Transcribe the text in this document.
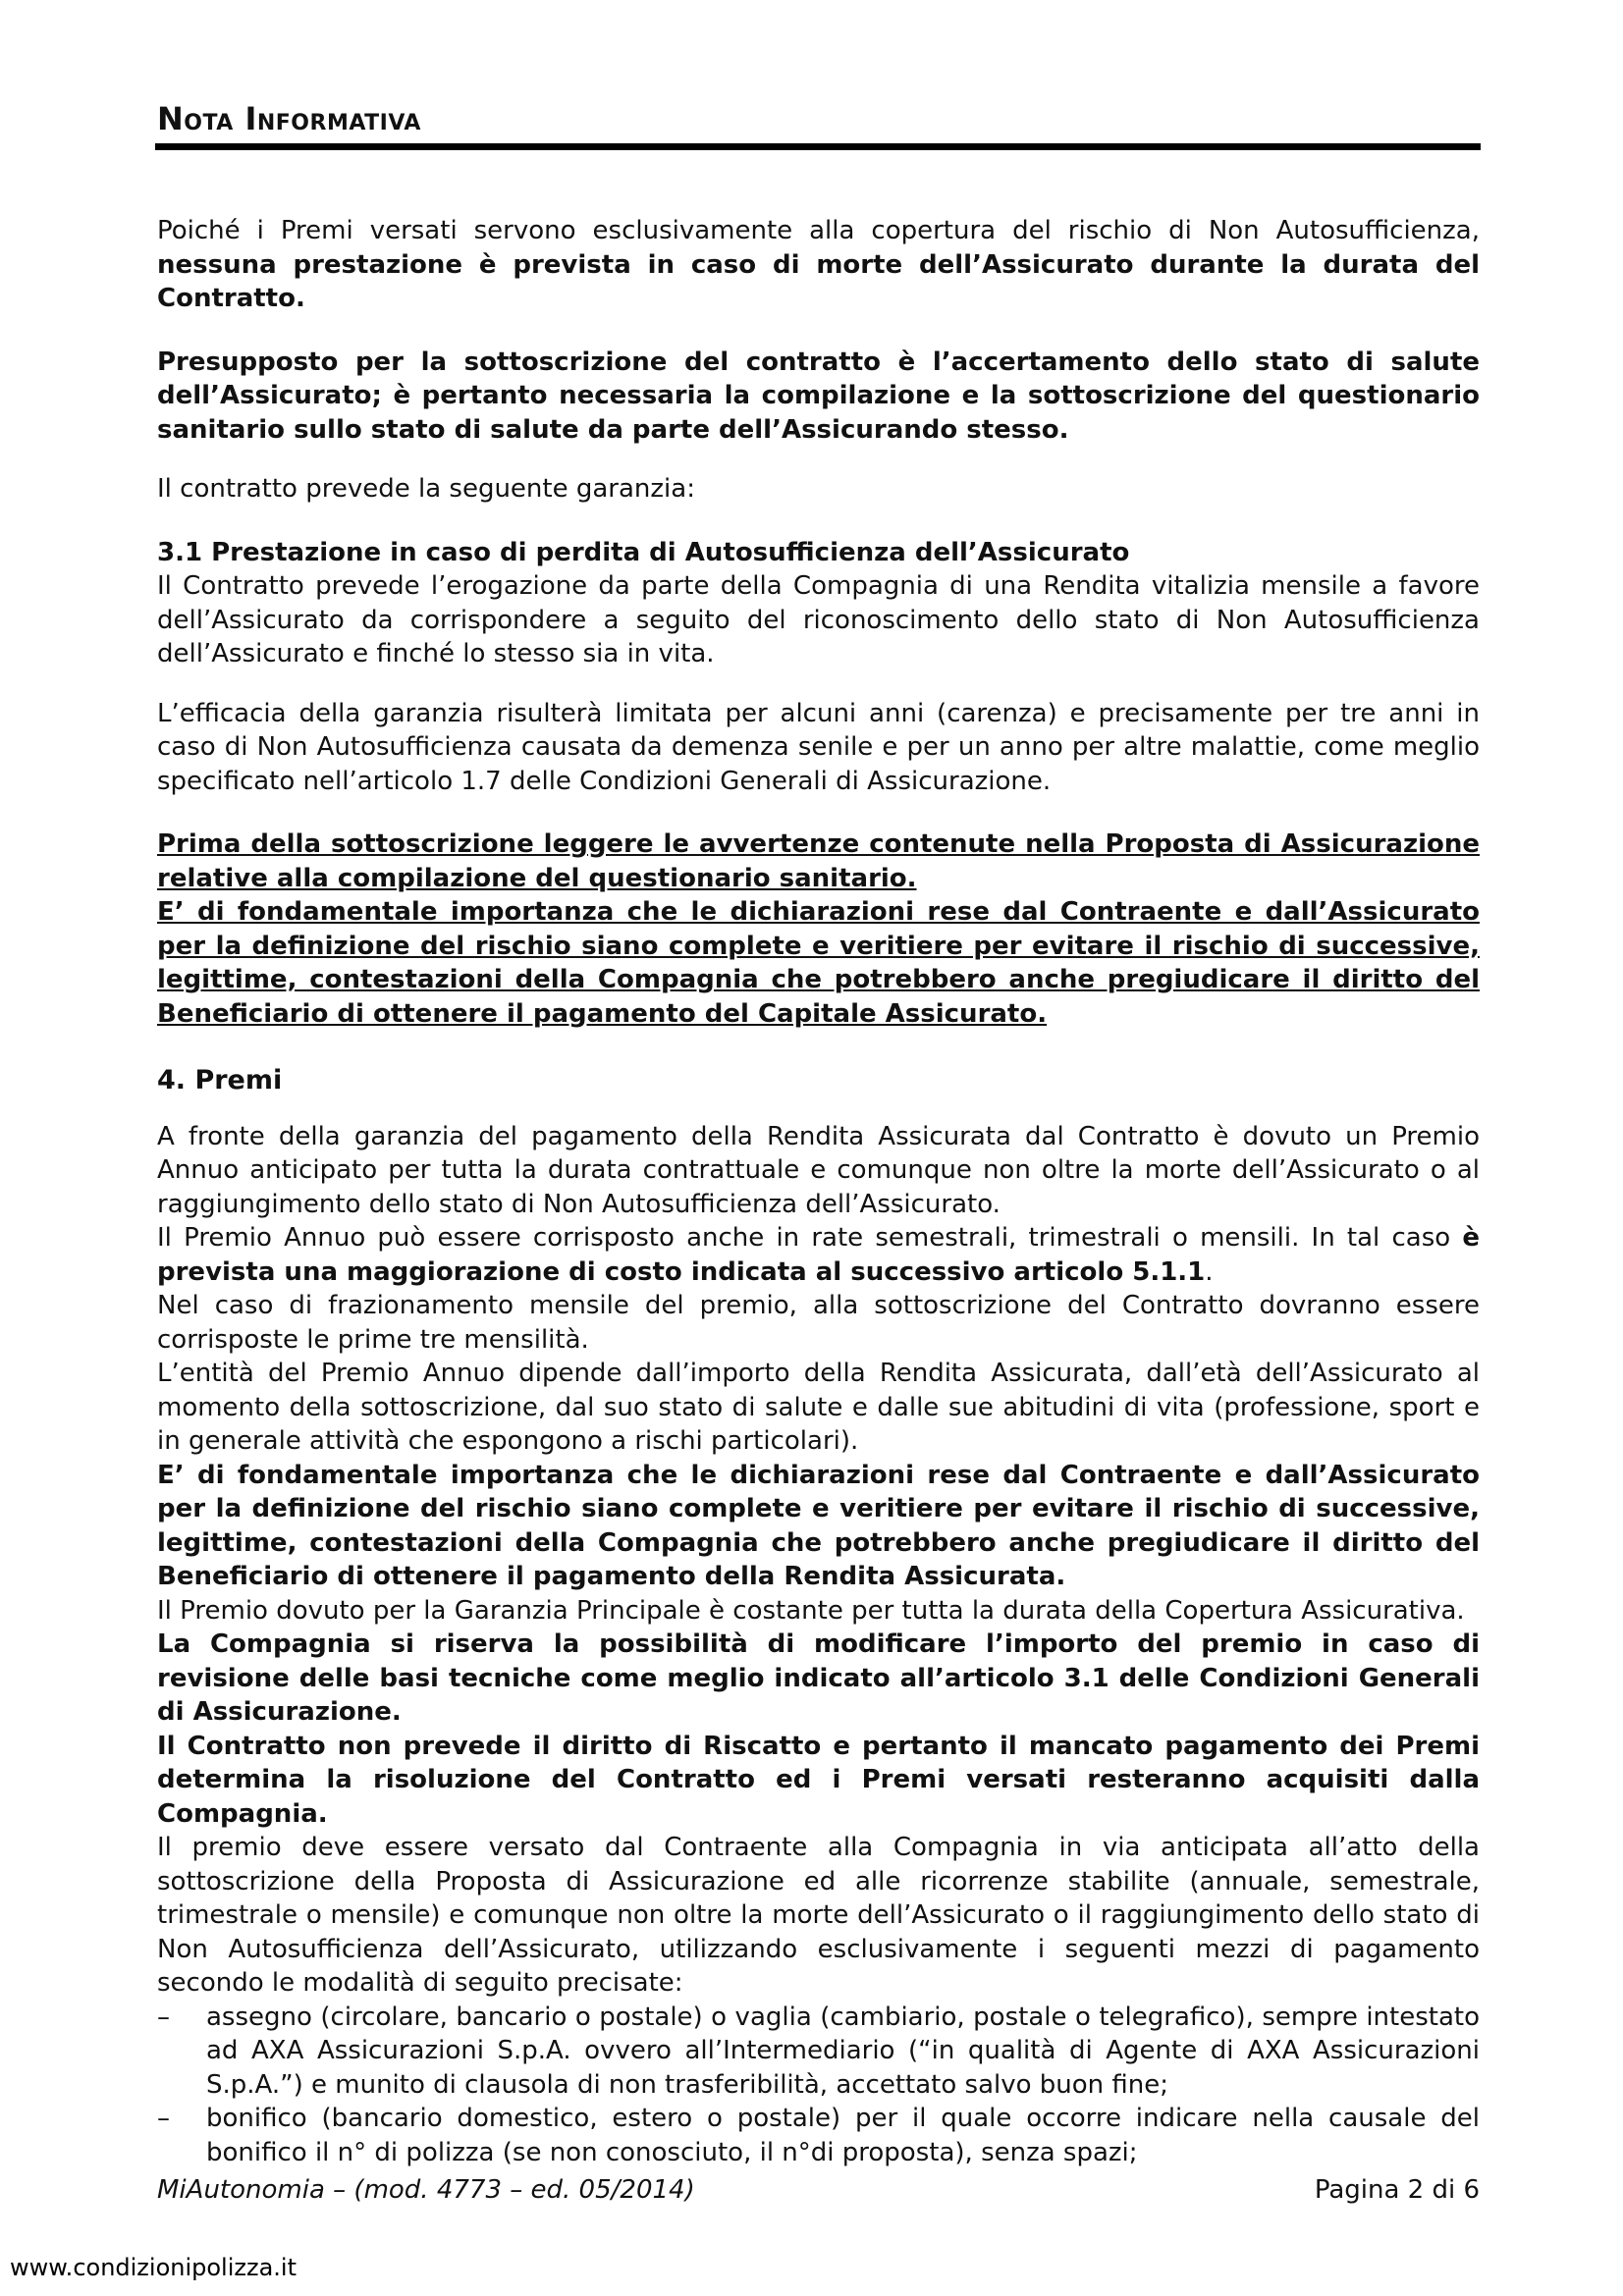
Nota Informativa

Poiché i Premi versati servono esclusivamente alla copertura del rischio di Non Autosufficienza, nessuna prestazione è prevista in caso di morte dell’Assicurato durante la durata del Contratto.

Presupposto per la sottoscrizione del contratto è l’accertamento dello stato di salute dell’Assicurato; è pertanto necessaria la compilazione e la sottoscrizione del questionario sanitario sullo stato di salute da parte dell’Assicurando stesso.

Il contratto prevede la seguente garanzia:

3.1 Prestazione in caso di perdita di Autosufficienza dell’Assicurato

Il Contratto prevede l’erogazione da parte della Compagnia di una Rendita vitalizia mensile a favore dell’Assicurato da corrispondere a seguito del riconoscimento dello stato di Non Autosufficienza dell’Assicurato e finché lo stesso sia in vita.

L’efficacia della garanzia risulterà limitata per alcuni anni (carenza) e precisamente per tre anni in caso di Non Autosufficienza causata da demenza senile e per un anno per altre malattie, come meglio specificato nell’articolo 1.7 delle Condizioni Generali di Assicurazione.

Prima della sottoscrizione leggere le avvertenze contenute nella Proposta di Assicurazione relative alla compilazione del questionario sanitario.

E’ di fondamentale importanza che le dichiarazioni rese dal Contraente e dall’Assicurato per la definizione del rischio siano complete e veritiere per evitare il rischio di successive, legittime, contestazioni della Compagnia che potrebbero anche pregiudicare il diritto del Beneficiario di ottenere il pagamento del Capitale Assicurato.

4. Premi

A fronte della garanzia del pagamento della Rendita Assicurata dal Contratto è dovuto un Premio Annuo anticipato per tutta la durata contrattuale e comunque non oltre la morte dell’Assicurato o al raggiungimento dello stato di Non Autosufficienza dell’Assicurato.

Il Premio Annuo può essere corrisposto anche in rate semestrali, trimestrali o mensili. In tal caso è prevista una maggiorazione di costo indicata al successivo articolo 5.1.1.

Nel caso di frazionamento mensile del premio, alla sottoscrizione del Contratto dovranno essere corrisposte le prime tre mensilità.

L’entità del Premio Annuo dipende dall’importo della Rendita Assicurata, dall’età dell’Assicurato al momento della sottoscrizione, dal suo stato di salute e dalle sue abitudini di vita (professione, sport e in generale attività che espongono a rischi particolari).

E’ di fondamentale importanza che le dichiarazioni rese dal Contraente e dall’Assicurato per la definizione del rischio siano complete e veritiere per evitare il rischio di successive, legittime, contestazioni della Compagnia che potrebbero anche pregiudicare il diritto del Beneficiario di ottenere il pagamento della Rendita Assicurata.

Il Premio dovuto per la Garanzia Principale è costante per tutta la durata della Copertura Assicurativa.

La Compagnia si riserva la possibilità di modificare l’importo del premio in caso di revisione delle basi tecniche come meglio indicato all’articolo 3.1 delle Condizioni Generali di Assicurazione.

Il Contratto non prevede il diritto di Riscatto e pertanto il mancato pagamento dei Premi determina la risoluzione del Contratto ed i Premi versati resteranno acquisiti dalla Compagnia.

Il premio deve essere versato dal Contraente alla Compagnia in via anticipata all’atto della sottoscrizione della Proposta di Assicurazione ed alle ricorrenze stabilite (annuale, semestrale, trimestrale o mensile) e comunque non oltre la morte dell’Assicurato o il raggiungimento dello stato di Non Autosufficienza dell’Assicurato, utilizzando esclusivamente i seguenti mezzi di pagamento secondo le modalità di seguito precisate:

– assegno (circolare, bancario o postale) o vaglia (cambiario, postale o telegrafico), sempre intestato ad AXA Assicurazioni S.p.A. ovvero all’Intermediario (“in qualità di Agente di AXA Assicurazioni S.p.A.”) e munito di clausola di non trasferibilità, accettato salvo buon fine;
– bonifico (bancario domestico, estero o postale) per il quale occorre indicare nella causale del bonifico il n° di polizza (se non conosciuto, il n°di proposta), senza spazi;
MiAutonomia – (mod. 4773 – ed. 05/2014)	Pagina 2 di 6
www.condizionipolizza.it
